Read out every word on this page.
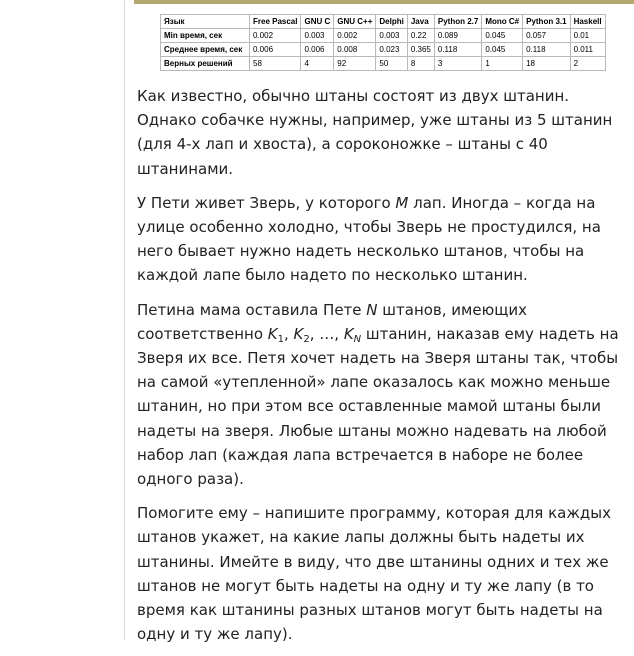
Язык	Free Pascal	GNU C	GNU C++	Delphi	Java	Python 2.7	Mono C#	Python 3.1	Haskell
Min время, сек	0.002	0.003	0.002	0.003	0.22	0.089	0.045	0.057	0.01
Среднее время, сек	0.006	0.006	0.008	0.023	0.365	0.118	0.045	0.118	0.011
Верных решений	58	4	92	50	8	3	1	18	2

Как известно, обычно штаны состоят из двух штанин. Однако собачке нужны, например, уже штаны из 5 штанин (для 4-х лап и хвоста), а сороконожке – штаны с 40 штанинами.

У Пети живет Зверь, у которого M лап. Иногда – когда на улице особенно холодно, чтобы Зверь не простудился, на него бывает нужно надеть несколько штанов, чтобы на каждой лапе было надето по несколько штанин.

Петина мама оставила Пете N штанов, имеющих соответственно $K_1$, $K_2$, …, $K_N$ штанин, наказав ему надеть на Зверя их все. Петя хочет надеть на Зверя штаны так, чтобы на самой «утепленной» лапе оказалось как можно меньше штанин, но при этом все оставленные мамой штаны были надеты на зверя. Любые штаны можно надевать на любой набор лап (каждая лапа встречается в наборе не более одного раза).

Помогите ему – напишите программу, которая для каждых штанов укажет, на какие лапы должны быть надеты их штанины. Имейте в виду, что две штанины одних и тех же штанов не могут быть надеты на одну и ту же лапу (в то время как штанины разных штанов могут быть надеты на одну и ту же лапу).
